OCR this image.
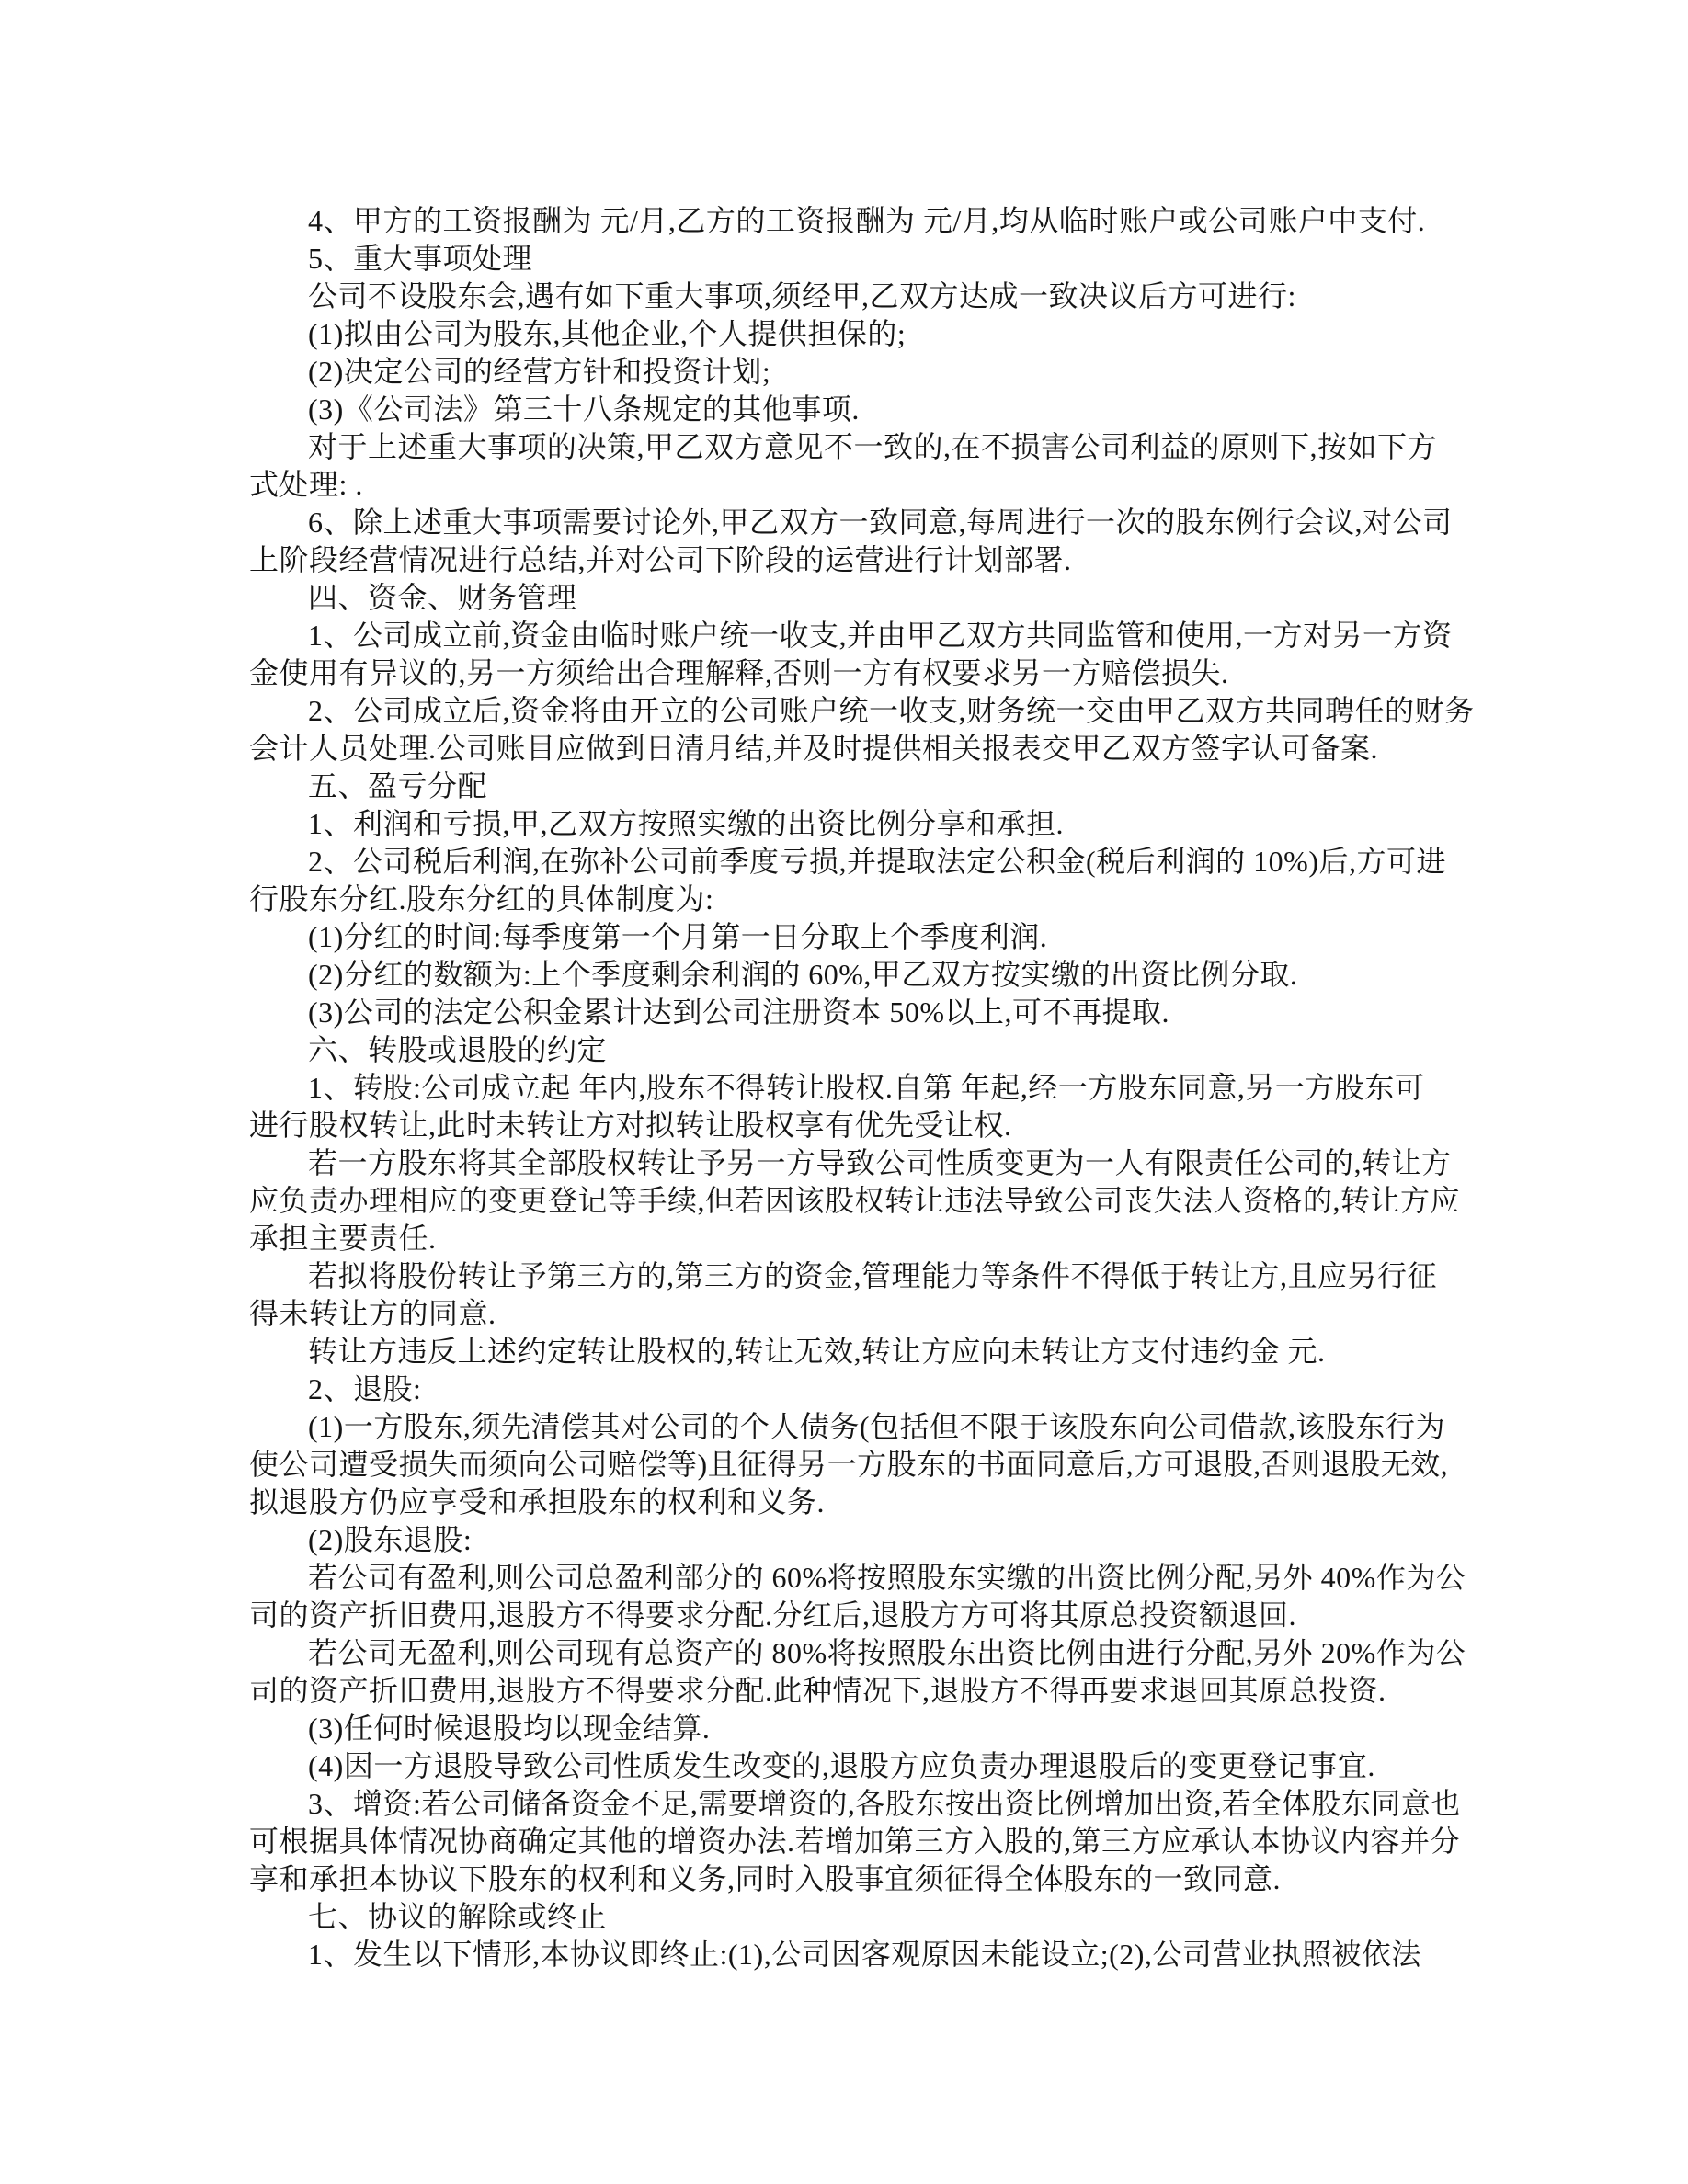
4、甲方的工资报酬为 元/月,乙方的工资报酬为 元/月,均从临时账户或公司账户中支付.
5、重大事项处理
公司不设股东会,遇有如下重大事项,须经甲,乙双方达成一致决议后方可进行:
(1)拟由公司为股东,其他企业,个人提供担保的;
(2)决定公司的经营方针和投资计划;
(3)《公司法》第三十八条规定的其他事项.
对于上述重大事项的决策,甲乙双方意见不一致的,在不损害公司利益的原则下,按如下方
式处理: .
6、除上述重大事项需要讨论外,甲乙双方一致同意,每周进行一次的股东例行会议,对公司
上阶段经营情况进行总结,并对公司下阶段的运营进行计划部署.
四、资金、财务管理
1、公司成立前,资金由临时账户统一收支,并由甲乙双方共同监管和使用,一方对另一方资
金使用有异议的,另一方须给出合理解释,否则一方有权要求另一方赔偿损失.
2、公司成立后,资金将由开立的公司账户统一收支,财务统一交由甲乙双方共同聘任的财务
会计人员处理.公司账目应做到日清月结,并及时提供相关报表交甲乙双方签字认可备案.
五、盈亏分配
1、利润和亏损,甲,乙双方按照实缴的出资比例分享和承担.
2、公司税后利润,在弥补公司前季度亏损,并提取法定公积金(税后利润的 10%)后,方可进
行股东分红.股东分红的具体制度为:
(1)分红的时间:每季度第一个月第一日分取上个季度利润.
(2)分红的数额为:上个季度剩余利润的 60%,甲乙双方按实缴的出资比例分取.
(3)公司的法定公积金累计达到公司注册资本 50%以上,可不再提取.
六、转股或退股的约定
1、转股:公司成立起 年内,股东不得转让股权.自第 年起,经一方股东同意,另一方股东可
进行股权转让,此时未转让方对拟转让股权享有优先受让权.
若一方股东将其全部股权转让予另一方导致公司性质变更为一人有限责任公司的,转让方
应负责办理相应的变更登记等手续,但若因该股权转让违法导致公司丧失法人资格的,转让方应
承担主要责任.
若拟将股份转让予第三方的,第三方的资金,管理能力等条件不得低于转让方,且应另行征
得未转让方的同意.
转让方违反上述约定转让股权的,转让无效,转让方应向未转让方支付违约金 元.
2、退股:
(1)一方股东,须先清偿其对公司的个人债务(包括但不限于该股东向公司借款,该股东行为
使公司遭受损失而须向公司赔偿等)且征得另一方股东的书面同意后,方可退股,否则退股无效,
拟退股方仍应享受和承担股东的权利和义务.
(2)股东退股:
若公司有盈利,则公司总盈利部分的 60%将按照股东实缴的出资比例分配,另外 40%作为公
司的资产折旧费用,退股方不得要求分配.分红后,退股方方可将其原总投资额退回.
若公司无盈利,则公司现有总资产的 80%将按照股东出资比例由进行分配,另外 20%作为公
司的资产折旧费用,退股方不得要求分配.此种情况下,退股方不得再要求退回其原总投资.
(3)任何时候退股均以现金结算.
(4)因一方退股导致公司性质发生改变的,退股方应负责办理退股后的变更登记事宜.
3、增资:若公司储备资金不足,需要增资的,各股东按出资比例增加出资,若全体股东同意也
可根据具体情况协商确定其他的增资办法.若增加第三方入股的,第三方应承认本协议内容并分
享和承担本协议下股东的权利和义务,同时入股事宜须征得全体股东的一致同意.
七、协议的解除或终止
1、发生以下情形,本协议即终止:(1),公司因客观原因未能设立;(2),公司营业执照被依法
